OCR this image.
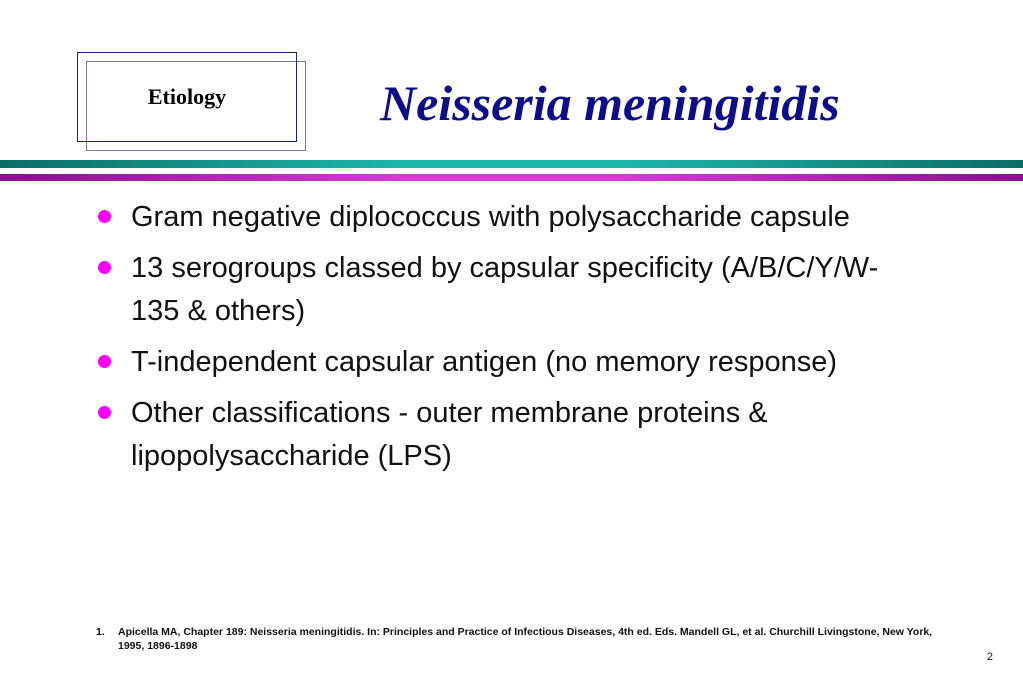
Etiology	Neisseria meningitidis
Gram negative diplococcus with polysaccharide capsule
13 serogroups classed by capsular specificity (A/B/C/Y/W-135 & others)
T-independent capsular antigen (no memory response)
Other classifications - outer membrane proteins & lipopolysaccharide (LPS)
1.	Apicella MA, Chapter 189: Neisseria meningitidis. In: Principles and Practice of Infectious Diseases, 4th ed. Eds. Mandell GL, et al. Churchill Livingstone, New York, 1995, 1896-1898
2
